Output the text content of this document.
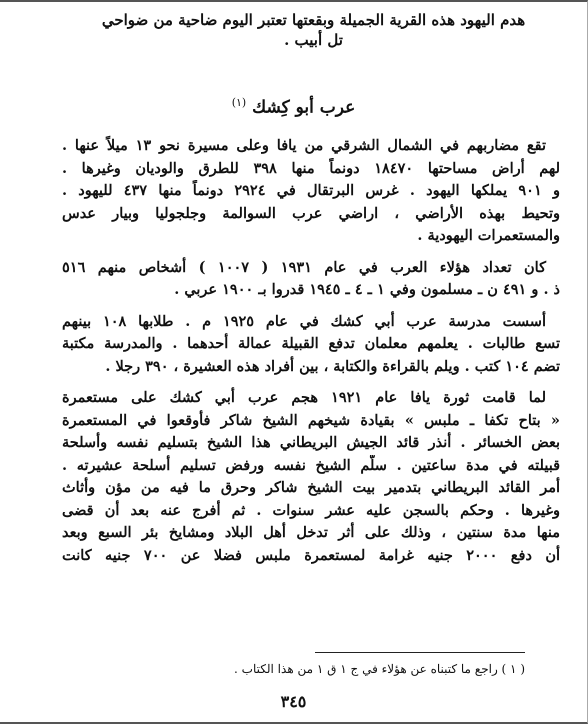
هدم اليهود هذه القرية الجميلة وبقعتها تعتبر اليوم ضاحية من ضواحي
تل أبيب .
عرب أبو كِشك $^{(١)}$

تقع مضاربهم في الشمال الشرقي من يافا وعلى مسيرة نحو ١٣ ميلاً عنها .
لهم أراض مساحتها ١٨٤٧٠ دونماً منها ٣٩٨ للطرق والوديان وغيرها .
و ٩٠١ يملكها اليهود . غرس البرتقال في ٢٩٢٤ دونماً منها ٤٣٧ لليهود .
وتحيط بهذه الأراضي ، اراضي عرب السوالمة وجلجوليا وبيار عدس
والمستعمرات اليهودية .

كان تعداد هؤلاء العرب في عام ١٩٣١ ( ١٠٠٧ ) أشخاص منهم ٥١٦
ذ . و ٤٩١ ن ـ مسلمون وفي ١ ـ ٤ ـ ١٩٤٥ قدروا بـ ١٩٠٠ عربي .

أسست مدرسة عرب أبي كشك في عام ١٩٢٥ م . طلابها ١٠٨ بينهم
تسع طالبات . يعلمهم معلمان تدفع القبيلة عمالة أحدهما . والمدرسة مكتبة
تضم ١٠٤ كتب . ويلم بالقراءة والكتابة ، بين أفراد هذه العشيرة ، ٣٩٠ رجلا .

لما قامت ثورة يافا عام ١٩٢١ هجم عرب أبي كشك على مستعمرة
« بتاح تكفا ـ ملبس » بقيادة شيخهم الشيخ شاكر فأوقعوا في المستعمرة
بعض الخسائر . أنذر قائد الجيش البريطاني هذا الشيخ بتسليم نفسه وأسلحة
قبيلته في مدة ساعتين . سلّم الشيخ نفسه ورفض تسليم أسلحة عشيرته .
أمر القائد البريطاني بتدمير بيت الشيخ شاكر وحرق ما فيه من مؤن وأثاث
وغيرها . وحكم بالسجن عليه عشر سنوات . ثم أفرج عنه بعد أن قضى
منها مدة سنتين ، وذلك على أثر تدخل أهل البلاد ومشايخ بئر السبع وبعد
أن دفع ٢٠٠٠ جنيه غرامة لمستعمرة ملبس فضلا عن ٧٠٠ جنيه كانت

( ١ ) راجع ما كتبناه عن هؤلاء في ج ١ ق ١ من هذا الكتاب .
٣٤٥
